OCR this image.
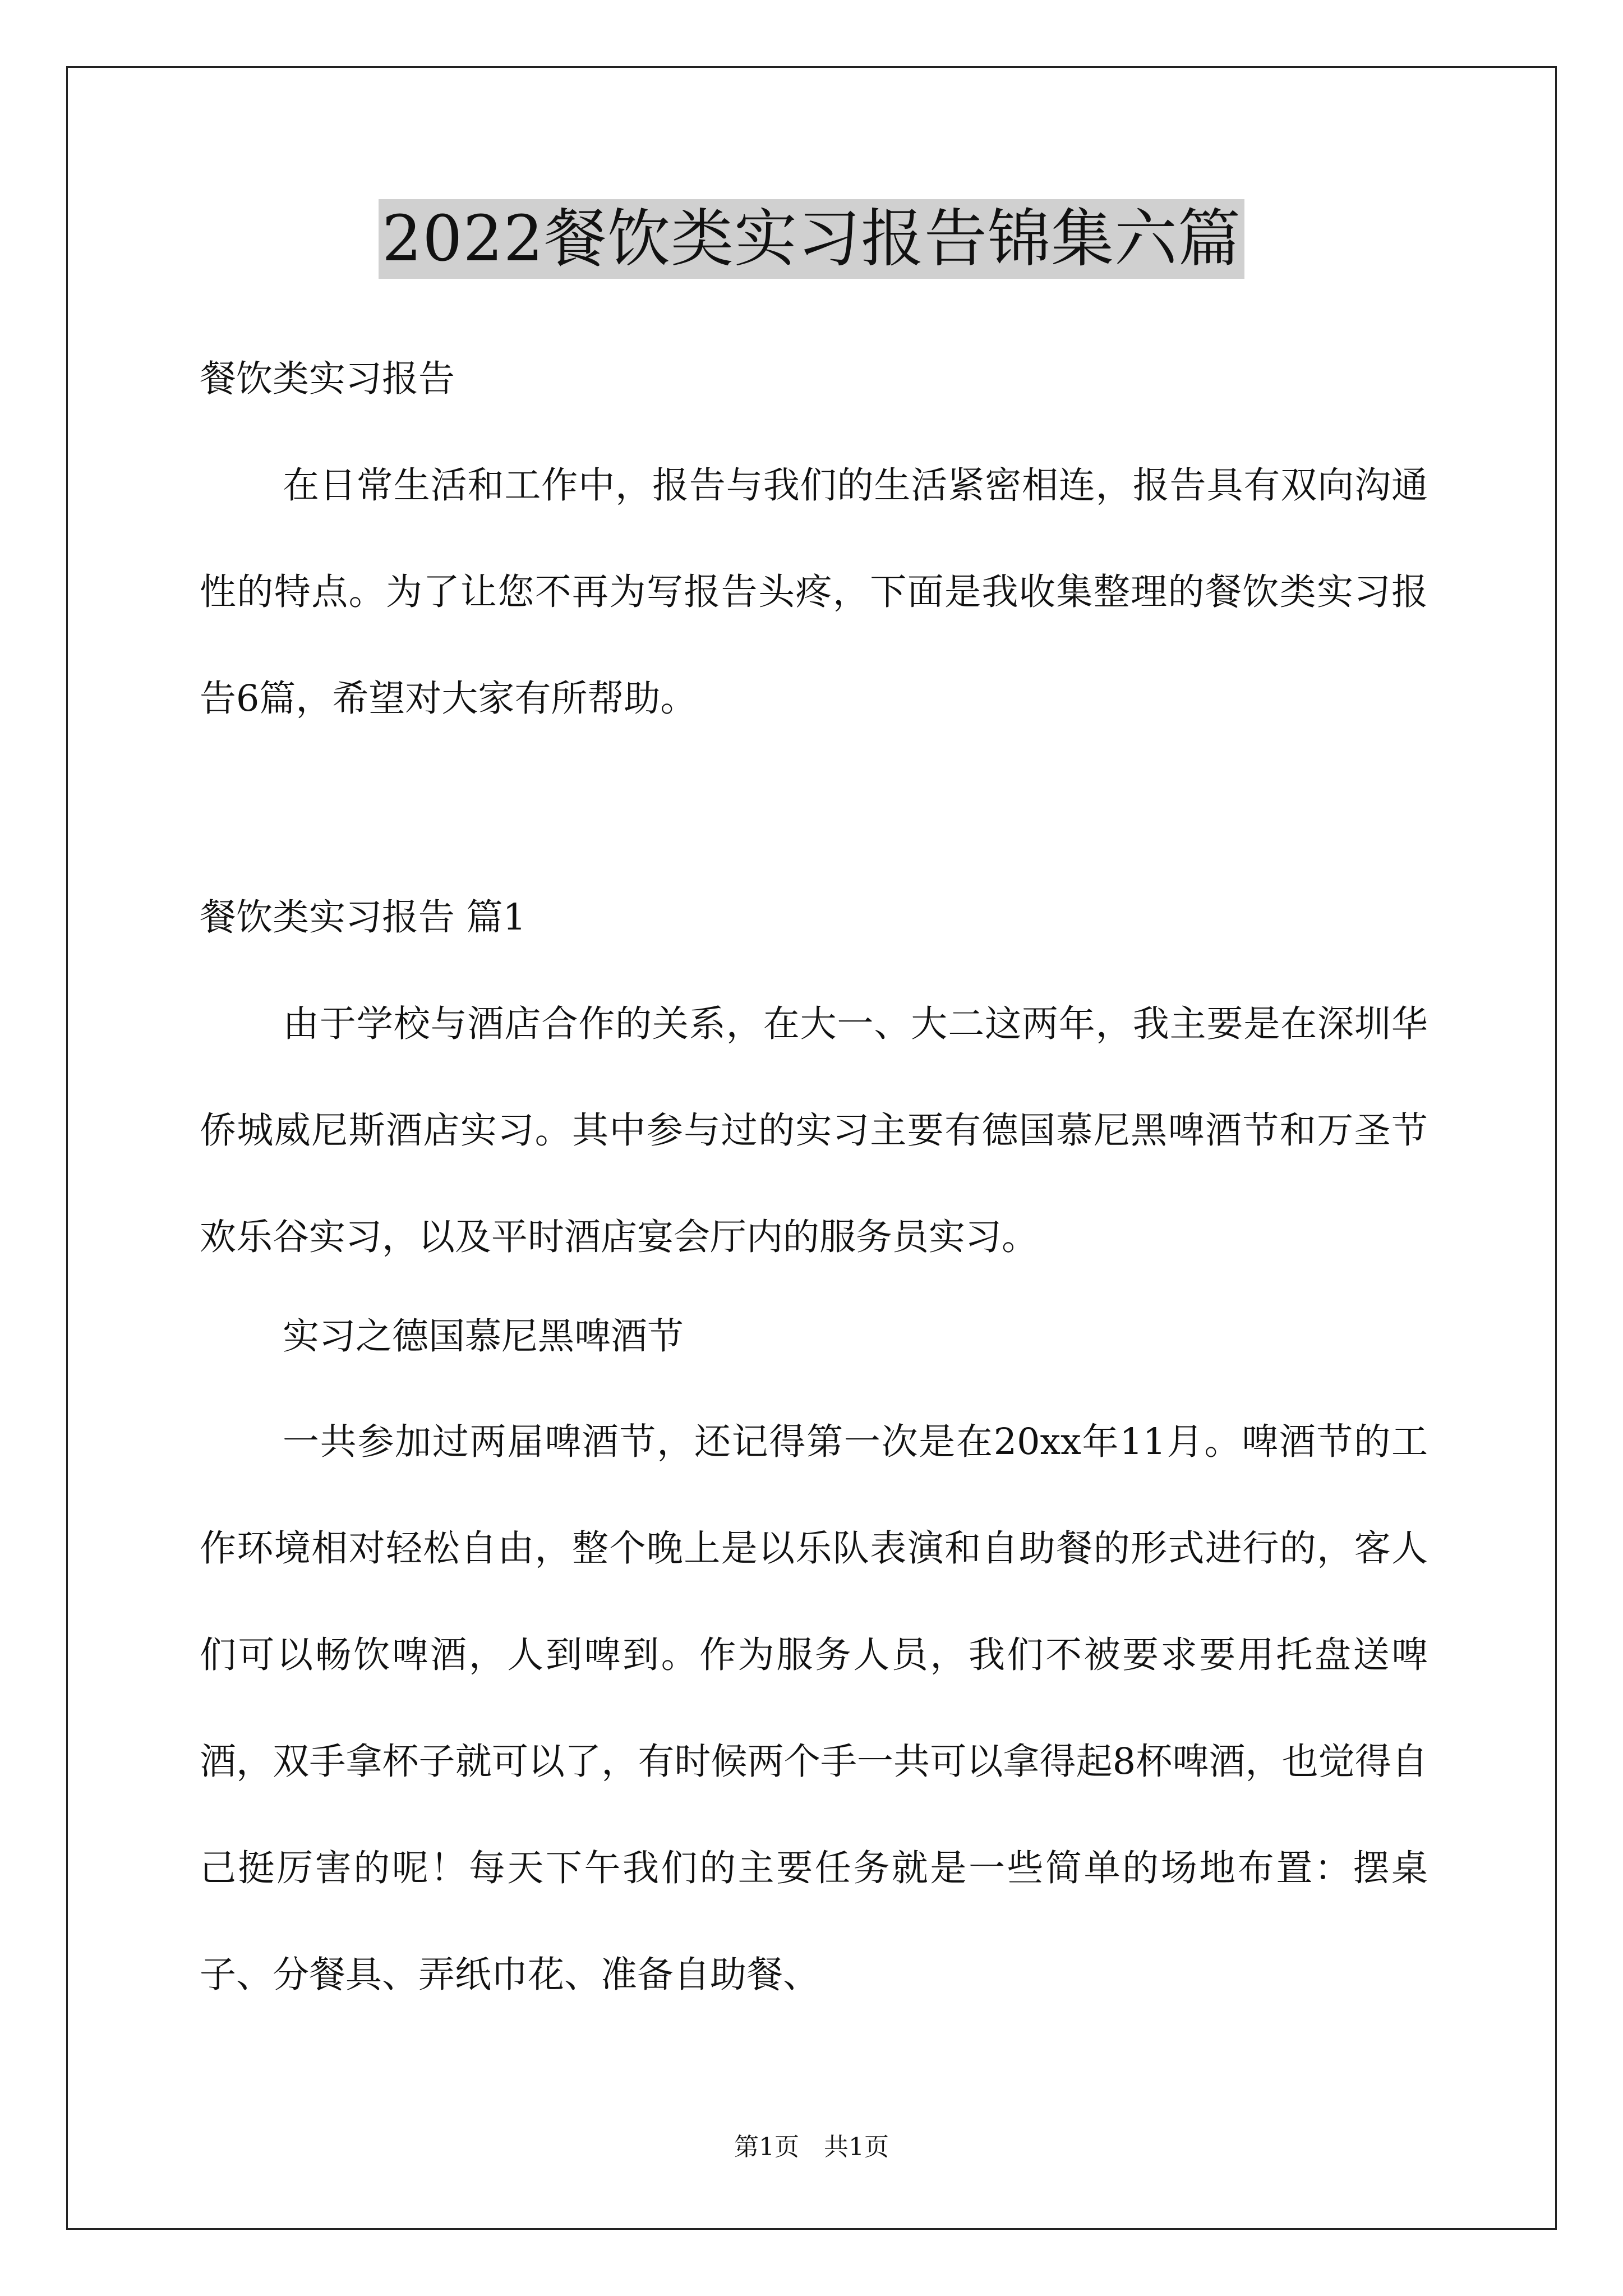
2022餐饮类实习报告锦集六篇
餐饮类实习报告
在日常生活和工作中，报告与我们的生活紧密相连，报告具有双向沟通性的特点。为了让您不再为写报告头疼，下面是我收集整理的餐饮类实习报告6篇，希望对大家有所帮助。
餐饮类实习报告 篇1
由于学校与酒店合作的关系，在大一、大二这两年，我主要是在深圳华侨城威尼斯酒店实习。其中参与过的实习主要有德国慕尼黑啤酒节和万圣节欢乐谷实习，以及平时酒店宴会厅内的服务员实习。
实习之德国慕尼黑啤酒节
一共参加过两届啤酒节，还记得第一次是在20xx年11月。啤酒节的工作环境相对轻松自由，整个晚上是以乐队表演和自助餐的形式进行的，客人们可以畅饮啤酒，人到啤到。作为服务人员，我们不被要求要用托盘送啤酒，双手拿杯子就可以了，有时候两个手一共可以拿得起8杯啤酒，也觉得自己挺厉害的呢！每天下午我们的主要任务就是一些简单的场地布置：摆桌子、分餐具、弄纸巾花、准备自助餐、
第1页　共1页
